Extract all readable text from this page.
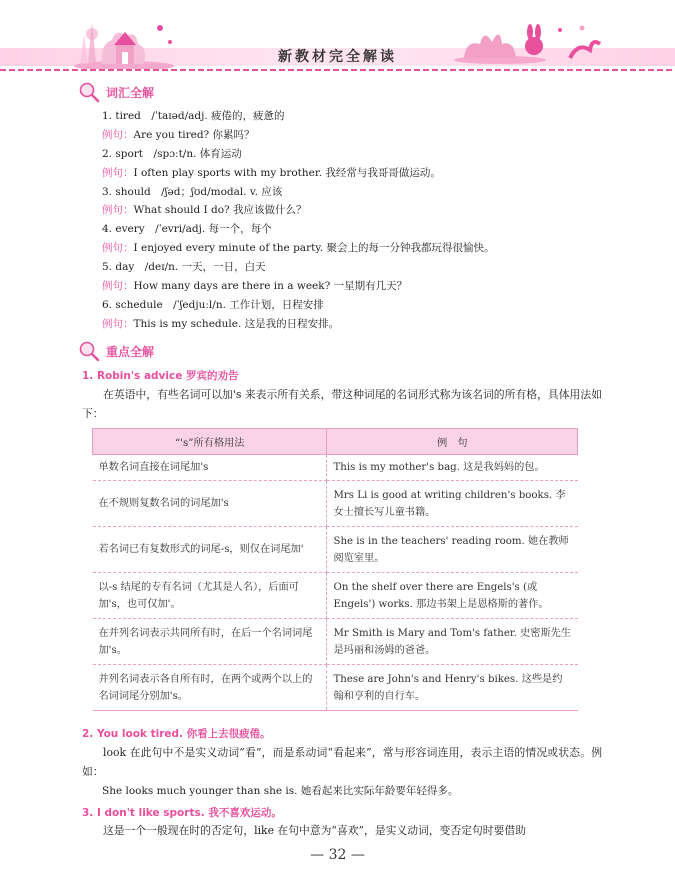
新教材完全解读
词汇全解
1. tired　/ˈtaɪəd/adj. 疲倦的，疲惫的
例句：Are you tired? 你累吗？
2. sport　/spɔːt/n. 体育运动
例句：I often play sports with my brother. 我经常与我哥哥做运动。
3. should　/ʃəd；ʃʊd/modal. v. 应该
例句：What should I do? 我应该做什么？
4. every　/ˈevri/adj. 每一个，每个
例句：I enjoyed every minute of the party. 聚会上的每一分钟我都玩得很愉快。
5. day　/deɪ/n. 一天，一日，白天
例句：How many days are there in a week? 一星期有几天？
6. schedule　/ˈʃedjuːl/n. 工作计划，日程安排
例句：This is my schedule. 这是我的日程安排。
重点全解
1. Robin's advice 罗宾的劝告
在英语中，有些名词可以加's 来表示所有关系，带这种词尾的名词形式称为该名词的所有格，具体用法如下：
“'s”所有格用法	例　句
单数名词直接在词尾加's	This is my mother's bag. 这是我妈妈的包。
在不规则复数名词的词尾加's	Mrs Li is good at writing children's books. 李女士擅长写儿童书籍。
若名词已有复数形式的词尾-s，则仅在词尾加'	She is in the teachers' reading room. 她在教师阅览室里。
以-s 结尾的专有名词（尤其是人名），后面可加's，也可仅加'。	On the shelf over there are Engels's (或 Engels') works. 那边书架上是恩格斯的著作。
在并列名词表示共同所有时，在后一个名词词尾加's。	Mr Smith is Mary and Tom's father. 史密斯先生是玛丽和汤姆的爸爸。
并列名词表示各自所有时，在两个或两个以上的名词词尾分别加's。	These are John's and Henry's bikes. 这些是约翰和亨利的自行车。
2. You look tired. 你看上去很疲倦。
look 在此句中不是实义动词“看”，而是系动词“看起来”，常与形容词连用，表示主语的情况或状态。例如：
She looks much younger than she is. 她看起来比实际年龄要年轻得多。
3. I don't like sports. 我不喜欢运动。
这是一个一般现在时的否定句，like 在句中意为“喜欢”，是实义动词，变否定句时要借助
— 32 —
